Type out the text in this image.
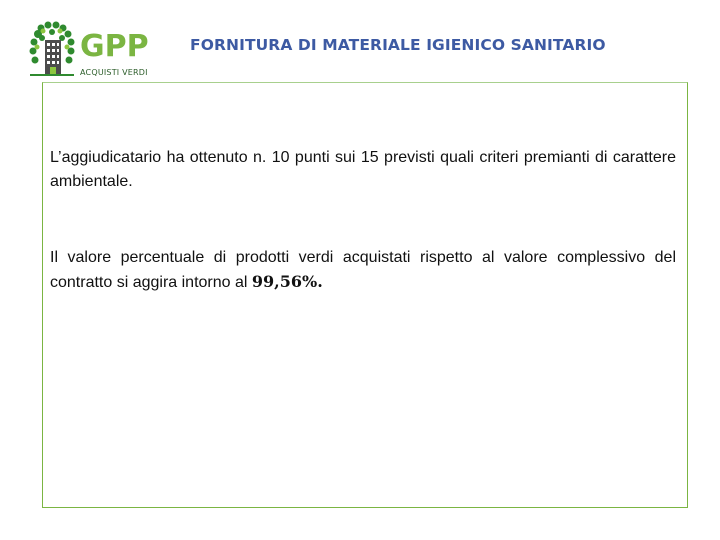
GPP
ACQUISTI VERDI
FORNITURA DI MATERIALE IGIENICO SANITARIO
L’aggiudicatario ha ottenuto n. 10 punti sui 15 previsti quali criteri premianti di carattere ambientale.
Il valore percentuale di prodotti verdi acquistati rispetto al valore complessivo del contratto si aggira intorno al 99,56%.
